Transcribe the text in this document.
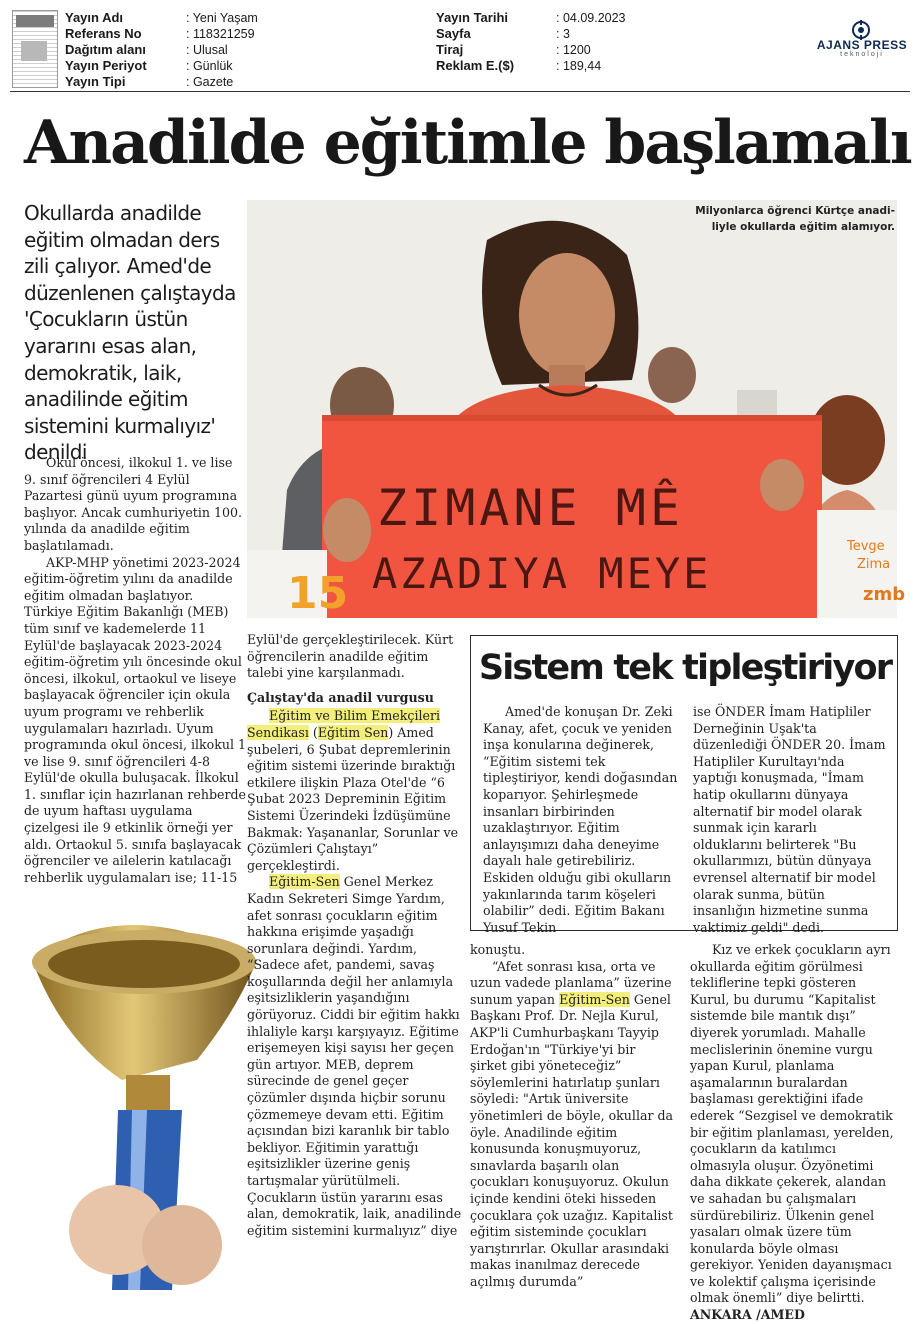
Yayın Adı	: Yeni Yaşam
Referans No	: 118321259
Dağıtım alanı	: Ulusal
Yayın Periyot	: Günlük
Yayın Tipi	: Gazete
Yayın Tarihi	: 04.09.2023
Sayfa	: 3
Tiraj	: 1200
Reklam E.($)	: 189,44
AJANS PRESS
teknoloji
Anadilde eğitimle başlamalı
Okullarda anadilde eğitim olmadan ders zili çalıyor. Amed'de düzenlenen çalıştayda 'Çocukların üstün yararını esas alan, demokratik, laik, anadilinde eğitim sistemini kurmalıyız' denildi
Tevge
Zima
zmb
15
ZIMANE MÊ
AZADIYA MEYE
Milyonlarca öğrenci Kürtçe anadi-
liyle okullarda eğitim alamıyor.

Okul öncesi, ilkokul 1. ve lise 9. sınıf öğrencileri 4 Eylül Pazartesi günü uyum programına başlıyor. Ancak cumhuriyetin 100. yılında da anadilde eğitim başlatılamadı.

AKP-MHP yönetimi 2023-2024 eğitim-öğretim yılını da anadilde eğitim olmadan başlatıyor. Türkiye Eğitim Bakanlığı (MEB) tüm sınıf ve kademelerde 11 Eylül'de başlayacak 2023-2024 eğitim-öğretim yılı öncesinde okul öncesi, ilkokul, ortaokul ve liseye başlayacak öğrenciler için okula uyum programı ve rehberlik uygulamaları hazırladı. Uyum programında okul öncesi, ilkokul 1 ve lise 9. sınıf öğrencileri 4-8 Eylül'de okulla buluşacak. İlkokul 1. sınıflar için hazırlanan rehberde de uyum haftası uygulama çizelgesi ile 9 etkinlik örneği yer aldı. Ortaokul 5. sınıfa başlayacak öğrenciler ve ailelerin katılacağı rehberlik uygulamaları ise; 11-15

Eylül'de gerçekleştirilecek. Kürt öğrencilerin anadilde eğitim talebi yine karşılanmadı.

Çalıştay'da anadil vurgusu

Eğitim ve Bilim Emekçileri Sendikası (Eğitim Sen) Amed şubeleri, 6 Şubat depremlerinin eğitim sistemi üzerinde bıraktığı etkilere ilişkin Plaza Otel'de “6 Şubat 2023 Depreminin Eğitim Sistemi Üzerindeki İzdüşümüne Bakmak: Yaşananlar, Sorunlar ve Çözümleri Çalıştayı” gerçekleştirdi.

Eğitim-Sen Genel Merkez Kadın Sekreteri Simge Yardım, afet sonrası çocukların eğitim hakkına erişimde yaşadığı sorunlara değindi. Yardım, “Sadece afet, pandemi, savaş koşullarında değil her anlamıyla eşitsizliklerin yaşandığını görüyoruz. Ciddi bir eğitim hakkı ihlaliyle karşı karşıyayız. Eğitime erişemeyen kişi sayısı her geçen gün artıyor. MEB, deprem sürecinde de genel geçer çözümler dışında hiçbir sorunu çözmemeye devam etti. Eğitim açısından bizi karanlık bir tablo bekliyor. Eğitimin yarattığı eşitsizlikler üzerine geniş tartışmalar yürütülmeli. Çocukların üstün yararını esas alan, demokratik, laik, anadilinde eğitim sistemini kurmalıyız” diye

Sistem tek tipleştiriyor

Amed'de konuşan Dr. Zeki Kanay, afet, çocuk ve yeniden inşa konularına değinerek, “Eğitim sistemi tek tipleştiriyor, kendi doğasından koparıyor. Şehirleşmede insanları birbirinden uzaklaştırıyor. Eğitim anlayışımızı daha deneyime dayalı hale getirebiliriz. Eskiden olduğu gibi okulların yakınlarında tarım köşeleri olabilir” dedi. Eğitim Bakanı Yusuf Tekin

ise ÖNDER İmam Hatipliler Derneğinin Uşak'ta düzenlediği ÖNDER 20. İmam Hatipliler Kurultayı'nda yaptığı konuşmada, "İmam hatip okullarını dünyaya alternatif bir model olarak sunmak için kararlı olduklarını belirterek "Bu okullarımızı, bütün dünyaya evrensel alternatif bir model olarak sunma, bütün insanlığın hizmetine sunma vaktimiz geldi" dedi.

konuştu.

“Afet sonrası kısa, orta ve uzun vadede planlama” üzerine sunum yapan Eğitim-Sen Genel Başkanı Prof. Dr. Nejla Kurul, AKP'li Cumhurbaşkanı Tayyip Erdoğan'ın "Türkiye'yi bir şirket gibi yöneteceğiz” söylemlerini hatırlatıp şunları söyledi: "Artık üniversite yönetimleri de böyle, okullar da öyle. Anadilinde eğitim konusunda konuşmuyoruz, sınavlarda başarılı olan çocukları konuşuyoruz. Okulun içinde kendini öteki hisseden çocuklara çok uzağız. Kapitalist eğitim sisteminde çocukları yarıştırırlar. Okullar arasındaki makas inanılmaz derecede açılmış durumda”

Kız ve erkek çocukların ayrı okullarda eğitim görülmesi tekliflerine tepki gösteren Kurul, bu durumu “Kapitalist sistemde bile mantık dışı” diyerek yorumladı. Mahalle meclislerinin önemine vurgu yapan Kurul, planlama aşamalarının buralardan başlaması gerektiğini ifade ederek “Sezgisel ve demokratik bir eğitim planlaması, yerelden, çocukların da katılımcı olmasıyla oluşur. Özyönetimi daha dikkate çekerek, alandan ve sahadan bu çalışmaları sürdürebiliriz. Ülkenin genel yasaları olmak üzere tüm konularda böyle olması gerekiyor. Yeniden dayanışmacı ve kolektif çalışma içerisinde olmak önemli” diye belirtti. ANKARA /AMED
